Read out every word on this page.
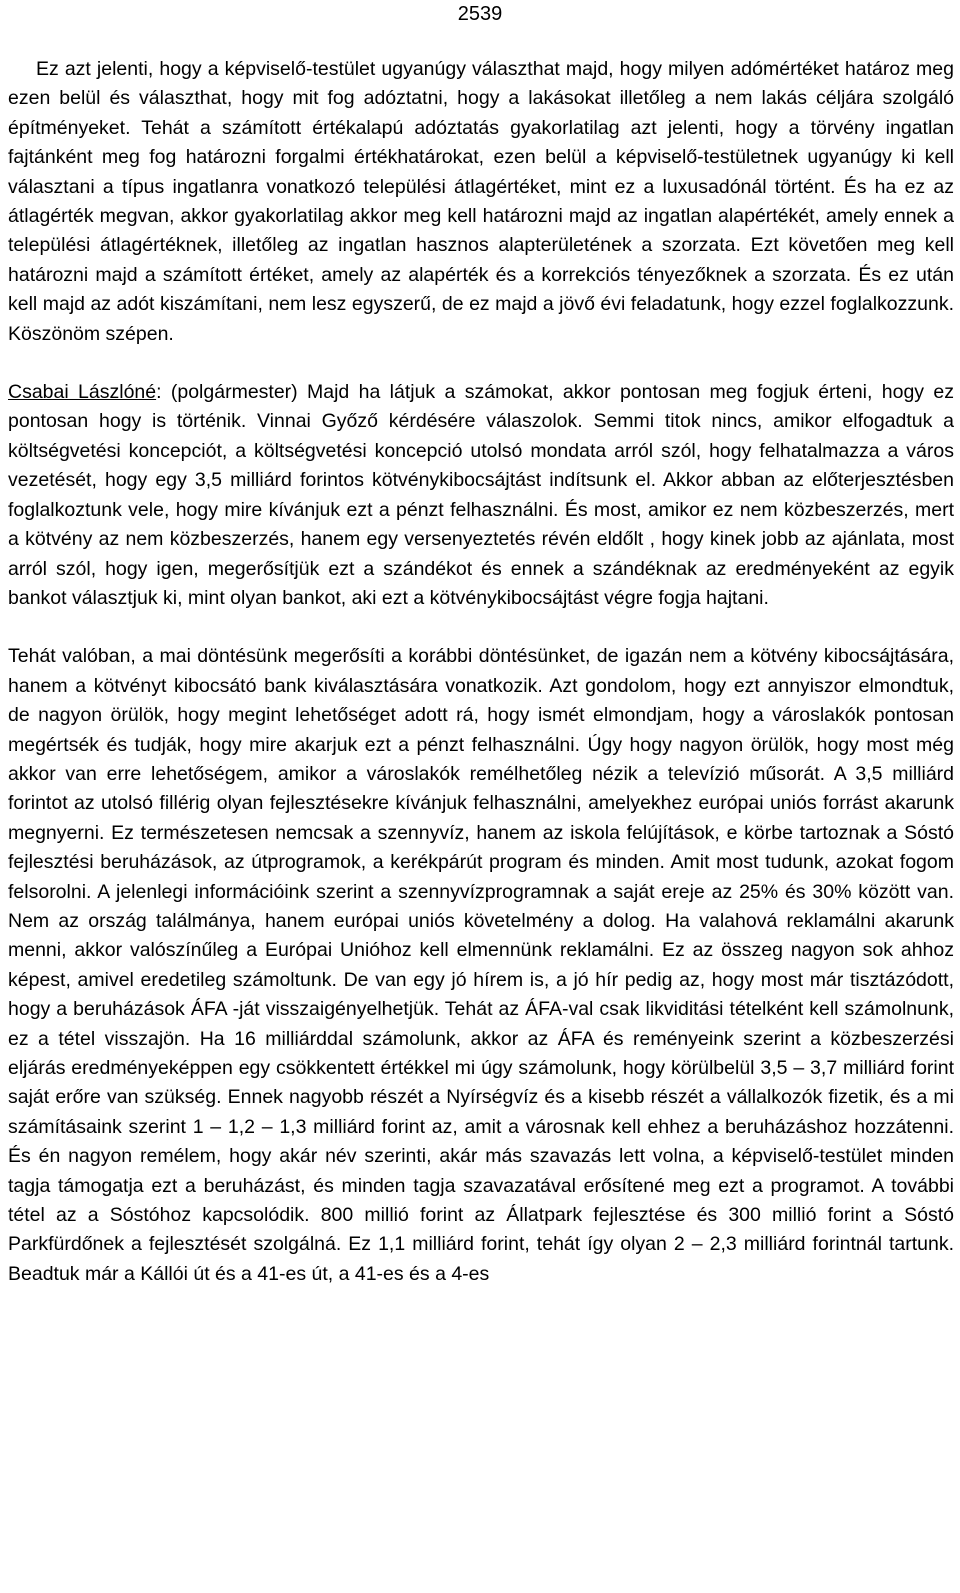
2539

Ez azt jelenti, hogy a képviselő-testület ugyanúgy választhat majd, hogy milyen adómértéket határoz meg ezen belül és választhat, hogy mit fog adóztatni, hogy a lakásokat illetőleg a nem lakás céljára szolgáló építményeket. Tehát a számított értékalapú adóztatás gyakorlatilag azt jelenti, hogy a törvény ingatlan fajtánként meg fog határozni forgalmi értékhatárokat, ezen belül a képviselő-testületnek ugyanúgy ki kell választani a típus ingatlanra vonatkozó települési átlagértéket, mint ez a luxusadónál történt. És ha ez az átlagérték megvan, akkor gyakorlatilag akkor meg kell határozni majd az ingatlan alapértékét, amely ennek a települési átlagértéknek, illetőleg az ingatlan hasznos alapterületének a szorzata. Ezt követően meg kell határozni majd a számított értéket, amely az alapérték és a korrekciós tényezőknek a szorzata. És ez után kell majd az adót kiszámítani, nem lesz egyszerű, de ez majd a jövő évi feladatunk, hogy ezzel foglalkozzunk. Köszönöm szépen.

Csabai Lászlóné: (polgármester) Majd ha látjuk a számokat, akkor pontosan meg fogjuk érteni, hogy ez pontosan hogy is történik. Vinnai Győző kérdésére válaszolok. Semmi titok nincs, amikor elfogadtuk a költségvetési koncepciót, a költségvetési koncepció utolsó mondata arról szól, hogy felhatalmazza a város vezetését, hogy egy 3,5 milliárd forintos kötvénykibocsájtást indítsunk el. Akkor abban az előterjesztésben foglalkoztunk vele, hogy mire kívánjuk ezt a pénzt felhasználni. És most, amikor ez nem közbeszerzés, mert a kötvény az nem közbeszerzés, hanem egy versenyeztetés révén eldőlt , hogy kinek jobb az ajánlata, most arról szól, hogy igen, megerősítjük ezt a szándékot és ennek a szándéknak az eredményeként az egyik bankot választjuk ki, mint olyan bankot, aki ezt a kötvénykibocsájtást végre fogja hajtani.

Tehát valóban, a mai döntésünk megerősíti a korábbi döntésünket, de igazán nem a kötvény kibocsájtására, hanem a kötvényt kibocsátó bank kiválasztására vonatkozik. Azt gondolom, hogy ezt annyiszor elmondtuk, de nagyon örülök, hogy megint lehetőséget adott rá, hogy ismét elmondjam, hogy a városlakók pontosan megértsék és tudják, hogy mire akarjuk ezt a pénzt felhasználni. Úgy hogy nagyon örülök, hogy most még akkor van erre lehetőségem, amikor a városlakók remélhetőleg nézik a televízió műsorát. A 3,5 milliárd forintot az utolsó fillérig olyan fejlesztésekre kívánjuk felhasználni, amelyekhez európai uniós forrást akarunk megnyerni. Ez természetesen nemcsak a szennyvíz, hanem az iskola felújítások, e körbe tartoznak a Sóstó fejlesztési beruházások, az útprogramok, a kerékpárút program és minden. Amit most tudunk, azokat fogom felsorolni. A jelenlegi információink szerint a szennyvízprogramnak a saját ereje az 25% és 30% között van. Nem az ország találmánya, hanem európai uniós követelmény a dolog. Ha valahová reklamálni akarunk menni, akkor valószínűleg a Európai Unióhoz kell elmennünk reklamálni. Ez az összeg nagyon sok ahhoz képest, amivel eredetileg számoltunk. De van egy jó hírem is, a jó hír pedig az, hogy most már tisztázódott, hogy a beruházások ÁFA -ját visszaigényelhetjük. Tehát az ÁFA-val csak likviditási tételként kell számolnunk, ez a tétel visszajön. Ha 16 milliárddal számolunk, akkor az ÁFA és reményeink szerint a közbeszerzési eljárás eredményeképpen egy csökkentett értékkel mi úgy számolunk, hogy körülbelül 3,5 – 3,7 milliárd forint saját erőre van szükség. Ennek nagyobb részét a Nyírségvíz és a kisebb részét a vállalkozók fizetik, és a mi számításaink szerint 1 – 1,2 – 1,3 milliárd forint az, amit a városnak kell ehhez a beruházáshoz hozzátenni. És én nagyon remélem, hogy akár név szerinti, akár más szavazás lett volna, a képviselő-testület minden tagja támogatja ezt a beruházást, és minden tagja szavazatával erősítené meg ezt a programot. A további tétel az a Sóstóhoz kapcsolódik. 800 millió forint az Állatpark fejlesztése és 300 millió forint a Sóstó Parkfürdőnek a fejlesztését szolgálná. Ez 1,1 milliárd forint, tehát így olyan 2 – 2,3 milliárd forintnál tartunk. Beadtuk már a Kállói út és a 41-es út, a 41-es és a 4-es
